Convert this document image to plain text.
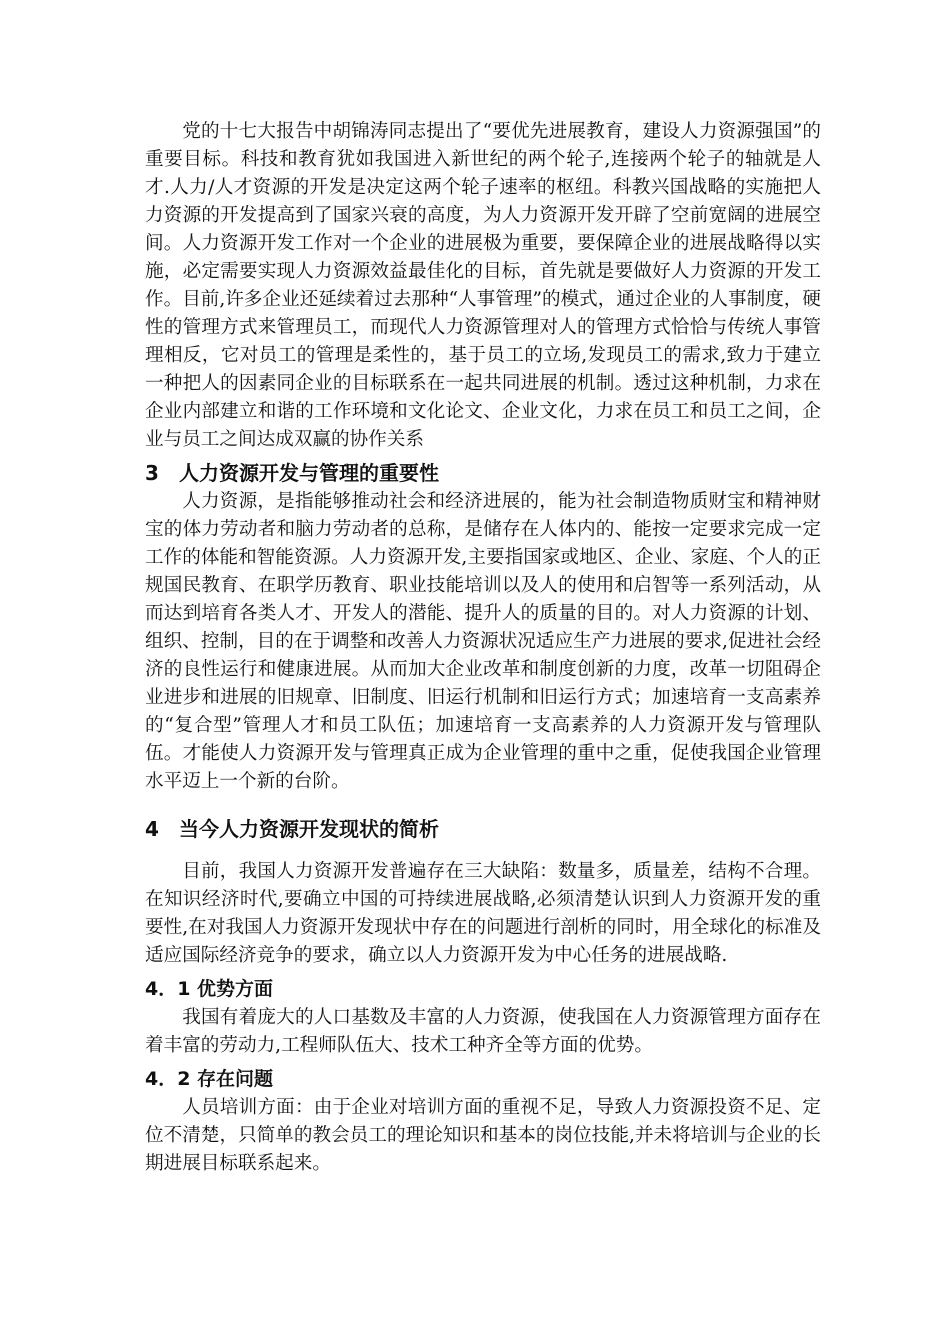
党的十七大报告中胡锦涛同志提出了“要优先进展教育，建设人力资源强国”的重要目标。科技和教育犹如我国进入新世纪的两个轮子,连接两个轮子的轴就是人才.人力/人才资源的开发是决定这两个轮子速率的枢纽。科教兴国战略的实施把人力资源的开发提高到了国家兴衰的高度，为人力资源开发开辟了空前宽阔的进展空间。人力资源开发工作对一个企业的进展极为重要，要保障企业的进展战略得以实施，必定需要实现人力资源效益最佳化的目标，首先就是要做好人力资源的开发工作。目前,许多企业还延续着过去那种“人事管理”的模式，通过企业的人事制度，硬性的管理方式来管理员工，而现代人力资源管理对人的管理方式恰恰与传统人事管理相反，它对员工的管理是柔性的，基于员工的立场,发现员工的需求,致力于建立一种把人的因素同企业的目标联系在一起共同进展的机制。透过这种机制，力求在企业内部建立和谐的工作环境和文化论文、企业文化，力求在员工和员工之间，企业与员工之间达成双赢的协作关系

3 人力资源开发与管理的重要性

人力资源，是指能够推动社会和经济进展的，能为社会制造物质财宝和精神财宝的体力劳动者和脑力劳动者的总称，是储存在人体内的、能按一定要求完成一定工作的体能和智能资源。人力资源开发,主要指国家或地区、企业、家庭、个人的正规国民教育、在职学历教育、职业技能培训以及人的使用和启智等一系列活动，从而达到培育各类人才、开发人的潜能、提升人的质量的目的。对人力资源的计划、组织、控制，目的在于调整和改善人力资源状况适应生产力进展的要求,促进社会经济的良性运行和健康进展。从而加大企业改革和制度创新的力度，改革一切阻碍企业进步和进展的旧规章、旧制度、旧运行机制和旧运行方式；加速培育一支高素养的“复合型”管理人才和员工队伍；加速培育一支高素养的人力资源开发与管理队伍。才能使人力资源开发与管理真正成为企业管理的重中之重，促使我国企业管理水平迈上一个新的台阶。

4 当今人力资源开发现状的简析

目前，我国人力资源开发普遍存在三大缺陷：数量多，质量差，结构不合理。在知识经济时代,要确立中国的可持续进展战略,必须清楚认识到人力资源开发的重要性,在对我国人力资源开发现状中存在的问题进行剖析的同时，用全球化的标准及适应国际经济竞争的要求，确立以人力资源开发为中心任务的进展战略.

4．1 优势方面

我国有着庞大的人口基数及丰富的人力资源，使我国在人力资源管理方面存在着丰富的劳动力,工程师队伍大、技术工种齐全等方面的优势。

4．2 存在问题

人员培训方面：由于企业对培训方面的重视不足，导致人力资源投资不足、定位不清楚，只简单的教会员工的理论知识和基本的岗位技能,并未将培训与企业的长期进展目标联系起来。
